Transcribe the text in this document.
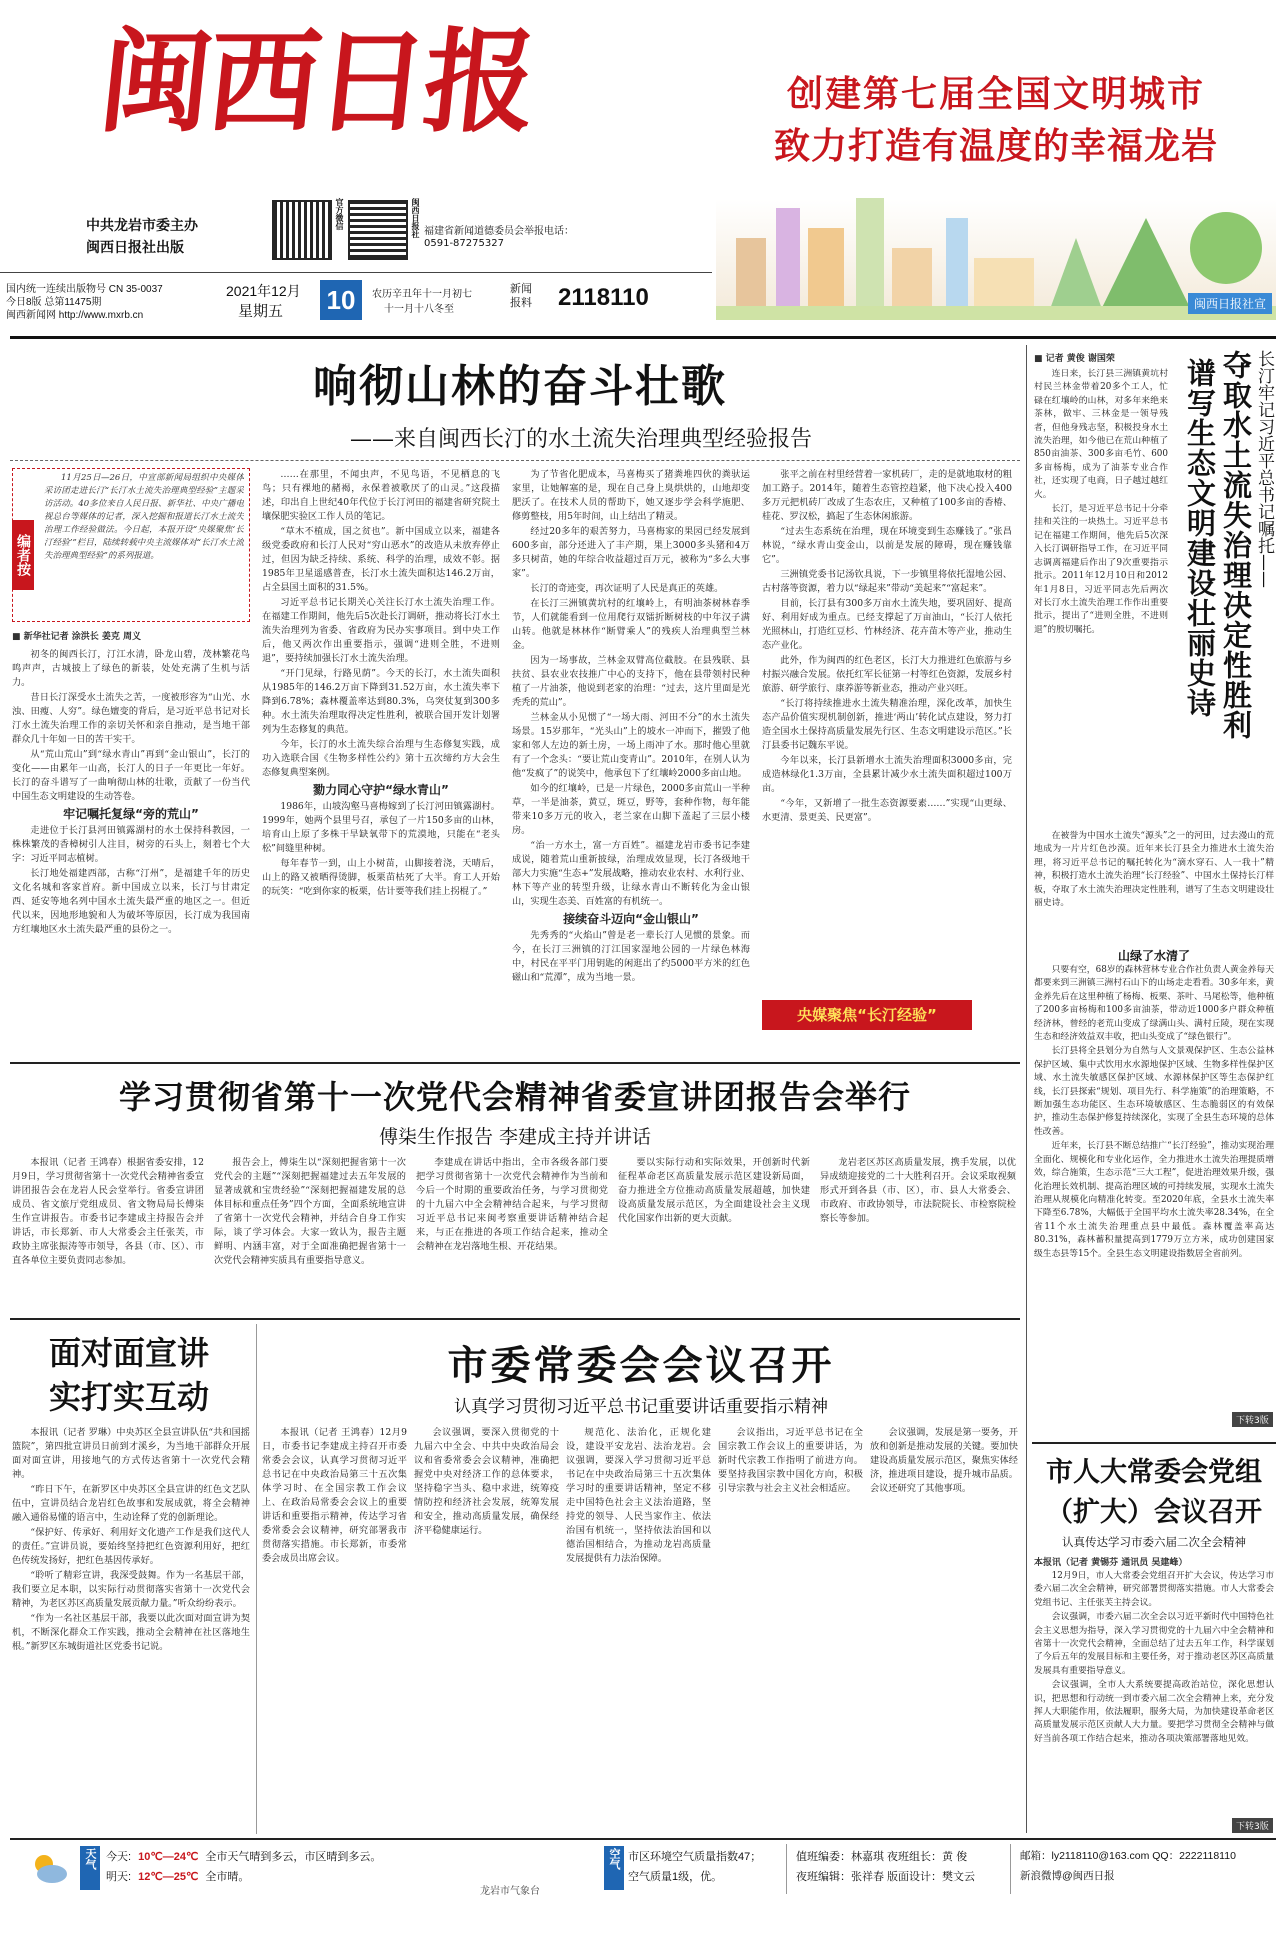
闽西日报
中共龙岩市委主办
闽西日报社出版
官方微信	闽西日报社 福建省新闻道德委员会举报电话：
0591-87275327
国内统一连续出版物号 CN 35-0037
今日8版 总第11475期
闽西新闻网 http://www.mxrb.cn
2021年12月
星期五 10	农历辛丑年十一月初七
十一月十八冬至
新闻报料	2118110
创建第七届全国文明城市
致力打造有温度的幸福龙岩
闽西日报社宣
响彻山林的奋斗壮歌
——来自闽西长汀的水土流失治理典型经验报告
编者按

11月25日—26日，中宣部新闻局组织中央媒体采访团走进长汀“长汀水土流失治理典型经验”主题采访活动。40多位来自人民日报、新华社、中央广播电视总台等媒体的记者，深入挖掘和报道长汀水土流失治理工作经验做法。今日起，本报开设“央媒聚焦‘长汀经验’”栏目，陆续转载中央主流媒体对“长汀水土流失治理典型经验”的系列报道。

■ 新华社记者 涂洪长 姜克 周义

初冬的闽西长汀，汀江水清，卧龙山碧，茂林繁花鸟鸣声声，古城披上了绿色的新装，处处充满了生机与活力。

昔日长汀深受水土流失之苦，一度被形容为“山光、水浊、田瘦、人穷”。绿色嬗变的背后，是习近平总书记对长汀水土流失治理工作的亲切关怀和亲自推动，是当地干部群众几十年如一日的苦干实干。

从“荒山荒山”到“绿水青山”再到“金山银山”，长汀的变化——由累年一山高，长汀人的日子一年更比一年好。长汀的奋斗谱写了一曲响彻山林的壮歌，贡献了一份当代中国生态文明建设的生动答卷。

牢记嘱托复绿“旁的荒山”

走进位于长汀县河田镇露湖村的水土保持科教园，一株株繁茂的香樟树引人注目，树旁的石头上，刻着七个大字：习近平同志植树。

长汀地处福建西部，古称“汀州”，是福建千年的历史文化名城和客家首府。新中国成立以来，长汀与甘肃定西、延安等地名列中国水土流失最严重的地区之一。但近代以来，因地形地貌和人为破坏等原因，长汀成为我国南方红壤地区水土流失最严重的县份之一。

……在那里，不闻虫声，不见鸟语，不见栖息的飞鸟；只有裸地的赭褐，永保着被歌厌了的山灵。”这段描述，印出自上世纪40年代位于长汀河田的福建省研究院土壤保肥实验区工作人员的笔记。

“草木不植成，国之贫也”。新中国成立以来，福建各级党委政府和长汀人民对“穷山恶水”的改造从未放弃停止过，但因为缺乏持续、系统、科学的治理，成效不彰。据1985年卫星遥感普查，长汀水土流失面积达146.2万亩，占全县国土面积的31.5%。

习近平总书记长期关心关注长汀水土流失治理工作。在福建工作期间，他先后5次赴长汀调研，推动将长汀水土流失治理列为省委、省政府为民办实事项目。到中央工作后，他又两次作出重要指示，强调“进则全胜，不进则退”，要持续加强长汀水土流失治理。

“开门见绿，行路见荫”。今天的长汀，水土流失面积从1985年的146.2万亩下降到31.52万亩，水土流失率下降到6.78%；森林覆盖率达到80.3%，乌突仗复到300多种。水土流失治理取得决定性胜利，被联合国开发计划署列为生态修复的典范。

今年，长汀的水土流失综合治理与生态修复实践，成功入选联合国《生物多样性公约》第十五次缔约方大会生态修复典型案例。

勠力同心守护“绿水青山”

1986年，山坡沟壑马喜梅嫁到了长汀河田镇露湖村。1999年，她两个县里号召，承包了一片150多亩的山林，培育山上原了多株干旱缺氧带下的荒漠地，只能在“老头松”间缝里种树。

每年春节一到，山上小树苗，山脚接着浇，天晴后，山上的路又被晒得烫脚，板栗苗枯死了大半。育工人开始的玩笑：“吃到你家的板栗，估计要等我们挂上拐棍了。”

为了节省化肥成本，马喜梅买了猪粪堆四伙的粪驮运家里，让她解塞的是，现在自己身上臭烘烘的，山地却变肥沃了。在技术人员的帮助下，她又逐步学会科学施肥、修剪整枝，用5年时间，山上结出了精灵。

经过20多年的艰苦努力，马喜梅家的果园已经发展到600多亩，部分还进入了丰产期，果上3000多头猪和4万多只树苗，她的年综合收益超过百万元，被称为“多么大事家”。

长汀的奇迹变，再次证明了人民是真正的英雄。

在长汀三洲镇黄坑村的红壤岭上，有明油茶树林春季节，人们就能看到一位用爬行双镭折断树枝的中年汉子满山转。他就是林林作“断臂乘人”的残疾人治理典型兰林金。

因为一场事故，兰林金双臂高位截肢。在县残联、县扶贫、县农业农技推广中心的支持下，他在县带领村民种植了一片油茶，他说到老家的治理：“过去，这片里面是光秃秃的荒山”。

兰林金从小见惯了“一场大雨、河田不分”的水土流失场景。15岁那年，“光头山”上的坡水一冲而下，摧毁了他家和邻人左边的新土房，一场上雨冲了水。那时他心里就有了一个念头：“要让荒山变青山”。2010年，在别人认为他“发疯了”的说笑中，他承包下了红壤岭2000多亩山地。

如今的红壤岭，已是一片绿色，2000多亩荒山一半种草，一半是油茶，黄豆，斑豆，野等，套种作物，每年能带来10多万元的收入，老兰家在山脚下盖起了三层小楼房。

“治一方水土，富一方百姓”。福建龙岩市委书记李建成说，随着荒山重新披绿，治理成效显现，长汀各级地干部大力实施“生态+”发展战略，推动农业农村、水利行业、林下等产业的转型升级，让绿水青山不断转化为金山银山，实现生态美、百姓富的有机统一。

接续奋斗迈向“金山银山”

先秀秀的“火焰山”曾是老一辈长汀人见惯的景象。而今，在长汀三洲镇的汀江国家湿地公园的一片绿色林海中，村民在平平门用钥匙的闲逛出了约5000平方米的红色磁山和“荒潭”，成为当地一景。

张平之前在村里经营着一家机砖厂，走的是就地取材的粗加工路子。2014年，随着生态管控趋紧，他下决心投入400多万元把机砖厂改成了生态农庄，又种植了100多亩的香椿、桂花、罗汉松，搞起了生态休闲旅游。

“过去生态系统在治理，现在环境变到生态赚钱了。”张昌林说，“绿水青山变金山，以前是发展的障碍，现在赚钱靠它”。

三洲镇党委书记汤钦具说，下一步镇里将依托湿地公园、古村落等资源，着力以“绿起来”带动“美起来”“富起来”。

目前，长汀县有300多万亩水土流失地，要巩固好、提高好、利用好成为重点。已经支撑起了万亩油山，“长汀人依托光照林山，打造红豆杉、竹林经济、花卉苗木等产业，推动生态产业化。

此外，作为闽西的红色老区，长汀大力推进红色旅游与乡村振兴融合发展。依托红军长征第一村等红色资源，发展乡村旅游、研学旅行、康养游等新业态，推动产业兴旺。

“长汀将持续推进水土流失精准治理，深化改革，加快生态产品价值实现机制创新，推进‘两山’转化试点建设，努力打造全国水土保持高质量发展先行区、生态文明建设示范区。”长汀县委书记魏东平说。

今年以来，长汀县新增水土流失治理面积3000多亩，完成造林绿化1.3万亩，全县累计减少水土流失面积超过100万亩。

“今年，又新增了一批生态资源要素……”实现“山更绿、水更清、景更美、民更富”。

央媒聚焦“长汀经验”
长汀牢记习近平总书记嘱托——
夺取水土流失治理决定性胜利
谱写生态文明建设壮丽史诗
■ 记者 黄俊 谢国荣

连日来，长汀县三洲镇黄坑村村民兰林金带着20多个工人，忙碌在红壤岭的山林，对多年来绝来茶林，做牢、三林金是一领导残者，但他身残志坚，积极投身水土流失治理，如今他已在荒山种植了850亩油茶、300多亩毛竹、600多亩杨梅，成为了油茶专业合作社，还实现了电商，日子越过越红火。

长汀，是习近平总书记十分牵挂和关注的一块热土。习近平总书记在福建工作期间，他先后5次深入长汀调研指导工作，在习近平同志调离福建后作出了9次重要指示批示。2011年12月10日和2012年1月8日，习近平同志先后两次对长汀水土流失治理工作作出重要批示，提出了“进则全胜，不进则退”的殷切嘱托。

在被誉为中国水土流失“源头”之一的河田，过去漫山的荒地成为一片片红色沙漠。近年来长汀县全力推进水土流失治理，将习近平总书记的嘱托转化为“滴水穿石、人一我十”精神，积极打造水土流失治理“长汀经验”、中国水土保持长汀样板，夺取了水土流失治理决定性胜利，谱写了生态文明建设壮丽史诗。

山绿了水清了

只要有空，68岁的森林营林专业合作社负责人黄金养每天都要来到三洲镇三洲村石山下的山场走走看看。30多年来，黄金养先后在这里种植了杨梅、板栗、茶叶、马尾松等，他种植了200多亩杨梅和100多亩油茶，带动近1000多户群众种植经济林，曾经的老荒山变成了绿满山头、满村丘陵，现在实现生态和经济效益双丰收，把山头变成了“绿色银行”。

长汀县将全县划分为自然与人文景观保护区、生态公益林保护区域、集中式饮用水水源地保护区域、生物多样性保护区域、水土流失敏感区保护区域、水源林保护区等生态保护红线，长汀县探索“规划、项目先行、科学施策”的治理策略，不断加强生态功能区、生态环境敏感区、生态脆弱区的有效保护，推动生态保护修复持续深化，实现了全县生态环境的总体性改善。

近年来，长汀县不断总结推广“长汀经验”，推动实现治理全面化、规模化和专业化运作，全力推进水土流失治理提质增效，综合施策，生态示范“三大工程”，促进治理效果升级，强化治理长效机制、提高治理区域的可持续发展，实现水土流失治理从规模化向精准化转变。至2020年底，全县水土流失率下降至6.78%，大幅低于全国平均水土流失率28.34%，在全省11个水土流失治理重点县中最低。森林覆盖率高达80.31%，森林蓄积量提高到1779万立方米，成功创建国家级生态县等15个。全县生态文明建设指数居全省前列。

下转3版
学习贯彻省第十一次党代会精神省委宣讲团报告会举行
傅柒生作报告 李建成主持并讲话

本报讯（记者 王鸿春）根据省委安排，12月9日，学习贯彻省第十一次党代会精神省委宣讲团报告会在龙岩人民会堂举行。省委宣讲团成员、省文旅厅党组成员、省文物局局长傅柒生作宣讲报告。市委书记李建成主持报告会并讲话，市长郑新、市人大常委会主任张芙，市政协主席张振涛等市领导，各县（市、区）、市直各单位主要负责同志参加。

报告会上，傅柒生以“深刻把握省第十一次党代会的主题”“深刻把握福建过去五年发展的显著成就和宝贵经验”“深刻把握福建发展的总体目标和重点任务”四个方面，全面系统地宣讲了省第十一次党代会精神，并结合自身工作实际，谈了学习体会。大家一致认为，报告主题鲜明、内涵丰富，对于全面准确把握省第十一次党代会精神实质具有重要指导意义。

李建成在讲话中指出，全市各级各部门要把学习贯彻省第十一次党代会精神作为当前和今后一个时期的重要政治任务，与学习贯彻党的十九届六中全会精神结合起来，与学习贯彻习近平总书记来闽考察重要讲话精神结合起来，与正在推进的各项工作结合起来，推动全会精神在龙岩落地生根、开花结果。

要以实际行动和实际效果，开创新时代新征程革命老区高质量发展示范区建设新局面，奋力推进全方位推动高质量发展超越，加快建设高质量发展示范区，为全面建设社会主义现代化国家作出新的更大贡献。

龙岩老区苏区高质量发展，携手发展，以优异成绩迎接党的二十大胜利召开。会议采取视频形式开到各县（市、区），市、县人大常委会、市政府、市政协领导，市法院院长、市检察院检察长等参加。

面对面宣讲
实打实互动

本报讯（记者 罗琳）中央苏区全县宣讲队伍“共和国摇篮院”，第四批宣讲员日前到才溪乡，为当地干部群众开展面对面宣讲，用接地气的方式传达省第十一次党代会精神。

“昨日下午，在新罗区中央苏区全县宣讲的红色文艺队伍中，宣讲员结合龙岩红色故事和发展成就，将全会精神融入通俗易懂的语言中，生动诠释了党的创新理论。

“保护好、传承好、利用好文化遗产工作是我们这代人的责任。”宣讲员说，要始终坚持把红色资源利用好，把红色传统发扬好，把红色基因传承好。

“聆听了精彩宣讲，我深受鼓舞。作为一名基层干部，我们要立足本职，以实际行动贯彻落实省第十一次党代会精神，为老区苏区高质量发展贡献力量。”听众纷纷表示。

“作为一名社区基层干部，我要以此次面对面宣讲为契机，不断深化群众工作实践，推动全会精神在社区落地生根。”新罗区东城街道社区党委书记说。

市委常委会会议召开
认真学习贯彻习近平总书记重要讲话重要指示精神

本报讯（记者 王鸿春）12月9日，市委书记李建成主持召开市委常委会会议，认真学习贯彻习近平总书记在中央政治局第三十五次集体学习时、在全国宗教工作会议上、在政治局常委会会议上的重要讲话和重要指示精神，传达学习省委常委会会议精神，研究部署我市贯彻落实措施。市长郑新，市委常委会成员出席会议。

会议强调，要深入贯彻党的十九届六中全会、中共中央政治局会议和省委常委会会议精神，准确把握党中央对经济工作的总体要求，坚持稳字当头、稳中求进，统筹疫情防控和经济社会发展，统筹发展和安全，推动高质量发展，确保经济平稳健康运行。

规范化、法治化，正规化建设，建设平安龙岩、法治龙岩。会议强调，要深入学习贯彻习近平总书记在中央政治局第三十五次集体学习时的重要讲话精神，坚定不移走中国特色社会主义法治道路，坚持党的领导、人民当家作主、依法治国有机统一，坚持依法治国和以德治国相结合，为推动龙岩高质量发展提供有力法治保障。

会议指出，习近平总书记在全国宗教工作会议上的重要讲话，为新时代宗教工作指明了前进方向。要坚持我国宗教中国化方向，积极引导宗教与社会主义社会相适应。

会议强调，发展是第一要务，开放和创新是推动发展的关键。要加快建设高质量发展示范区，聚焦实体经济，推进项目建设，提升城市品质。会议还研究了其他事项。

市人大常委会党组
（扩大）会议召开
认真传达学习市委六届二次全会精神
本报讯（记者 黄锡芬 通讯员 吴建峰）

12月9日，市人大常委会党组召开扩大会议，传达学习市委六届二次全会精神，研究部署贯彻落实措施。市人大常委会党组书记、主任张芙主持会议。

会议强调，市委六届二次全会以习近平新时代中国特色社会主义思想为指导，深入学习贯彻党的十九届六中全会精神和省第十一次党代会精神，全面总结了过去五年工作，科学谋划了今后五年的发展目标和主要任务，对于推动老区苏区高质量发展具有重要指导意义。

会议强调，全市人大系统要提高政治站位，深化思想认识，把思想和行动统一到市委六届二次全会精神上来，充分发挥人大职能作用，依法履职，服务大局，为加快建设革命老区高质量发展示范区贡献人大力量。要把学习贯彻全会精神与做好当前各项工作结合起来，推动各项决策部署落地见效。

下转3版
天气 今天: 10℃—24℃ 全市天气晴到多云，市区晴到多云。
明天: 12℃—25℃ 全市晴。
龙岩市气象台
空气 市区环境空气质量指数47；
空气质量1级，优。
值班编委：林嘉琪 夜班组长：黄 俊
夜班编辑：张祥春 版面设计：樊文云
邮箱：ly2118110@163.com QQ：2222118110
新浪微博@闽西日报
